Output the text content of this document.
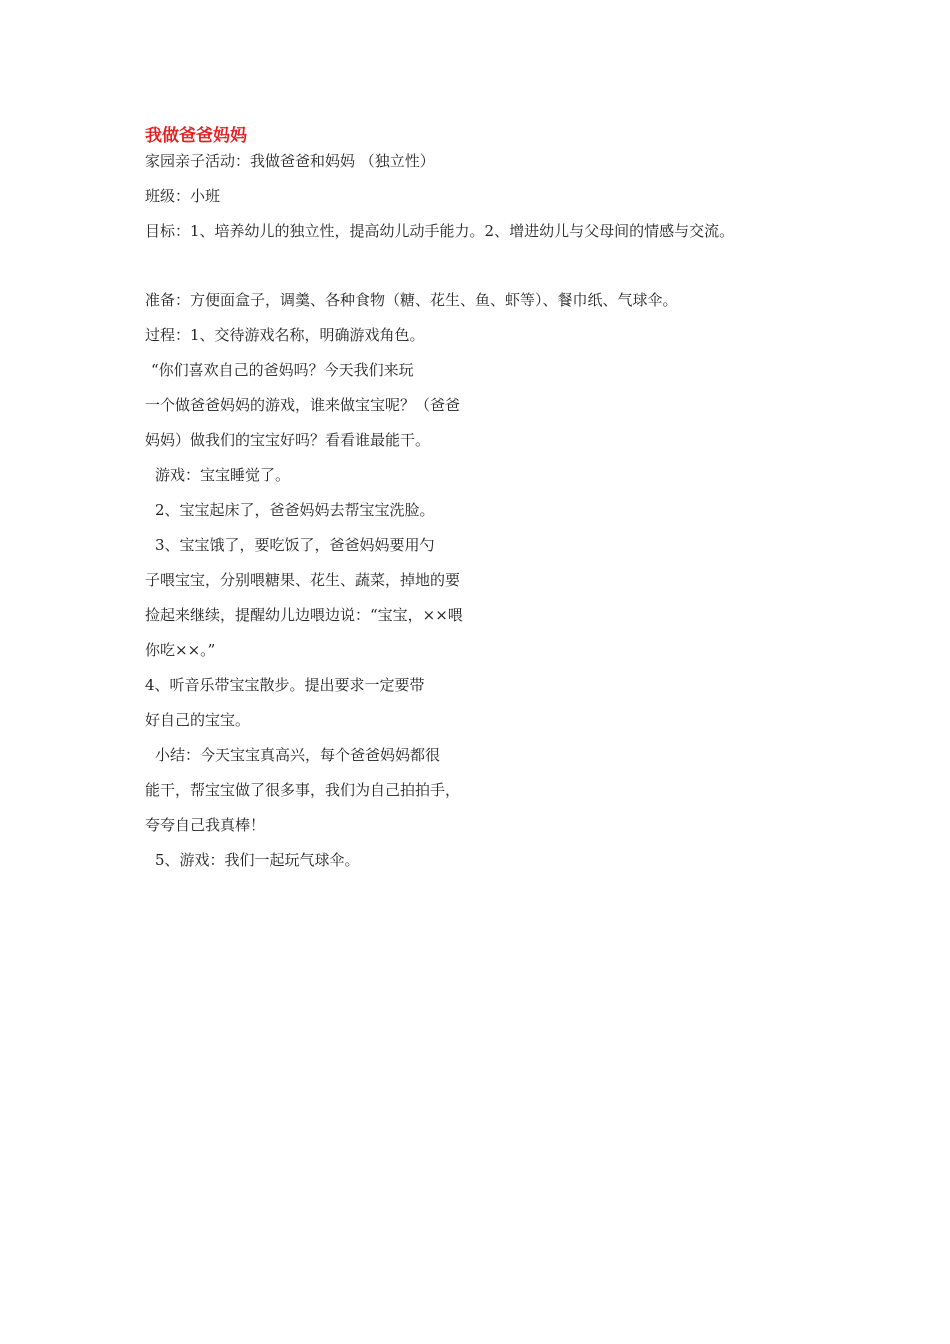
我做爸爸妈妈
家园亲子活动：我做爸爸和妈妈 （独立性）
班级：小班
目标：1、培养幼儿的独立性，提高幼儿动手能力。2、增进幼儿与父母间的情感与交流。
准备：方便面盒子，调羹、各种食物（糖、花生、鱼、虾等）、餐巾纸、气球伞。
过程：1、交待游戏名称，明确游戏角色。
“你们喜欢自己的爸妈吗？今天我们来玩
一个做爸爸妈妈的游戏，谁来做宝宝呢？（爸爸
妈妈）做我们的宝宝好吗？看看谁最能干。
游戏：宝宝睡觉了。
2、宝宝起床了，爸爸妈妈去帮宝宝洗脸。
3、宝宝饿了，要吃饭了，爸爸妈妈要用勺
子喂宝宝，分别喂糖果、花生、蔬菜，掉地的要
捡起来继续，提醒幼儿边喂边说：“宝宝，××喂
你吃××。”
4、听音乐带宝宝散步。提出要求一定要带
好自己的宝宝。
小结：今天宝宝真高兴，每个爸爸妈妈都很
能干，帮宝宝做了很多事，我们为自己拍拍手，
夸夸自己我真棒！
5、游戏：我们一起玩气球伞。
